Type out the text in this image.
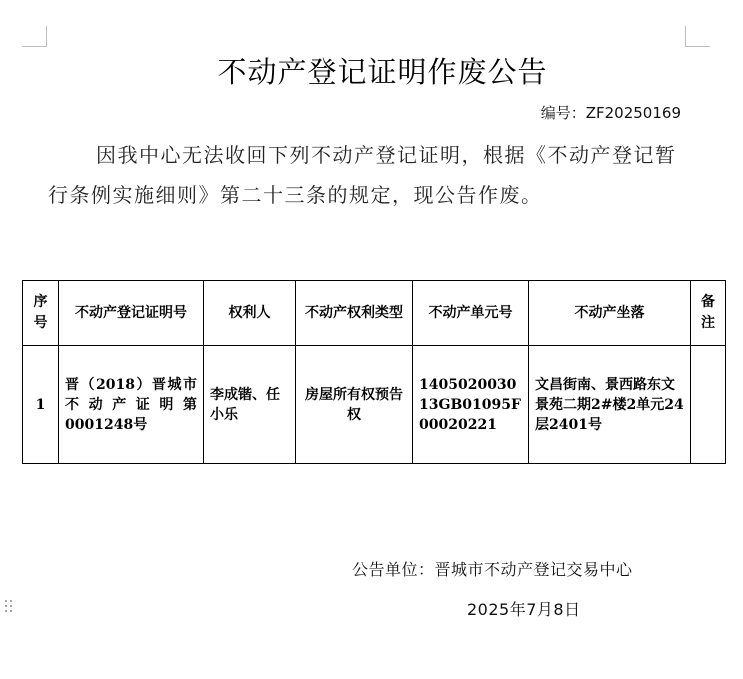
不动产登记证明作废公告
编号：ZF20250169
因我中心无法收回下列不动产登记证明，根据《不动产登记暂行条例实施细则》第二十三条的规定，现公告作废。
序号	不动产登记证明号	权利人	不动产权利类型	不动产单元号	不动产坐落	备注
1	晋（2018）晋城市不动产证明第0001248号	李成锴、任小乐	房屋所有权预告权	140502003013GB01095F00020221	文昌街南、景西路东文景苑二期2#楼2单元24层2401号	
公告单位：晋城市不动产登记交易中心
2025年7月8日
